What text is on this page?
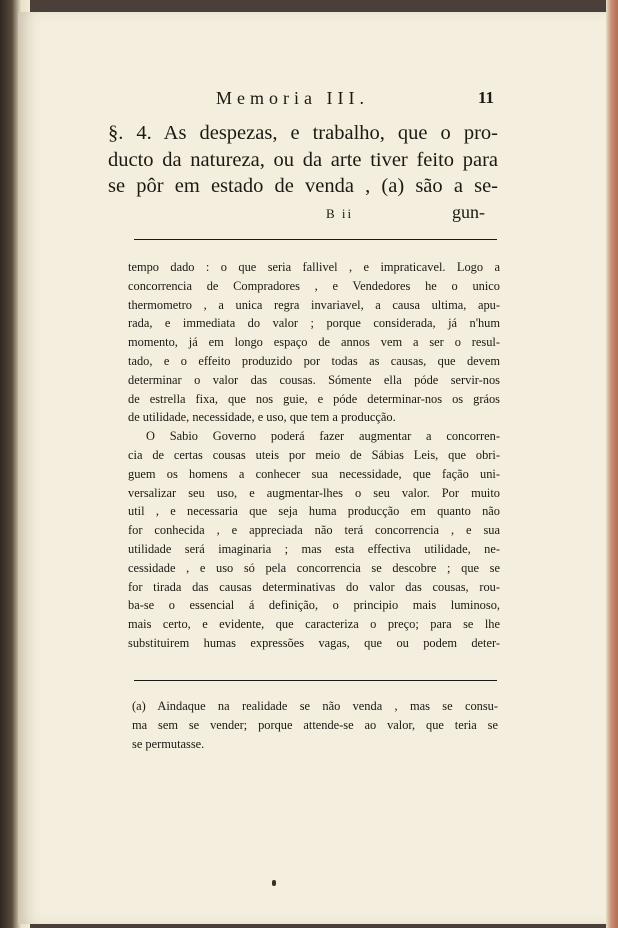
Memoria III.	11
§. 4. As despezas, e trabalho, que o pro-
ducto da natureza, ou da arte tiver feito para
se pôr em estado de venda , (a) são a se-
B ii	gun-
tempo dado : o que seria fallivel , e impraticavel. Logo a
concorrencia de Compradores , e Vendedores he o unico
thermometro , a unica regra invariavel, a causa ultima, apu-
rada, e immediata do valor ; porque considerada, já n'hum
momento, já em longo espaço de annos vem a ser o resul-
tado, e o effeito produzido por todas as causas, que devem
determinar o valor das cousas. Sómente ella póde servir-nos
de estrella fixa, que nos guie, e póde determinar-nos os gráos
de utilidade, necessidade, e uso, que tem a producção.
O Sabio Governo poderá fazer augmentar a concorren-
cia de certas cousas uteis por meio de Sábias Leis, que obri-
guem os homens a conhecer sua necessidade, que fação uni-
versalizar seu uso, e augmentar-lhes o seu valor. Por muito
util , e necessaria que seja huma producção em quanto não
for conhecida , e appreciada não terá concorrencia , e sua
utilidade será imaginaria ; mas esta effectiva utilidade, ne-
cessidade , e uso só pela concorrencia se descobre ; que se
for tirada das causas determinativas do valor das cousas, rou-
ba-se o essencial á definição, o principio mais luminoso,
mais certo, e evidente, que caracteriza o preço; para se lhe
substituirem humas expressões vagas, que ou podem deter-
(a) Aindaque na realidade se não venda , mas se consu-
ma sem se vender; porque attende-se ao valor, que teria se
se permutasse.
